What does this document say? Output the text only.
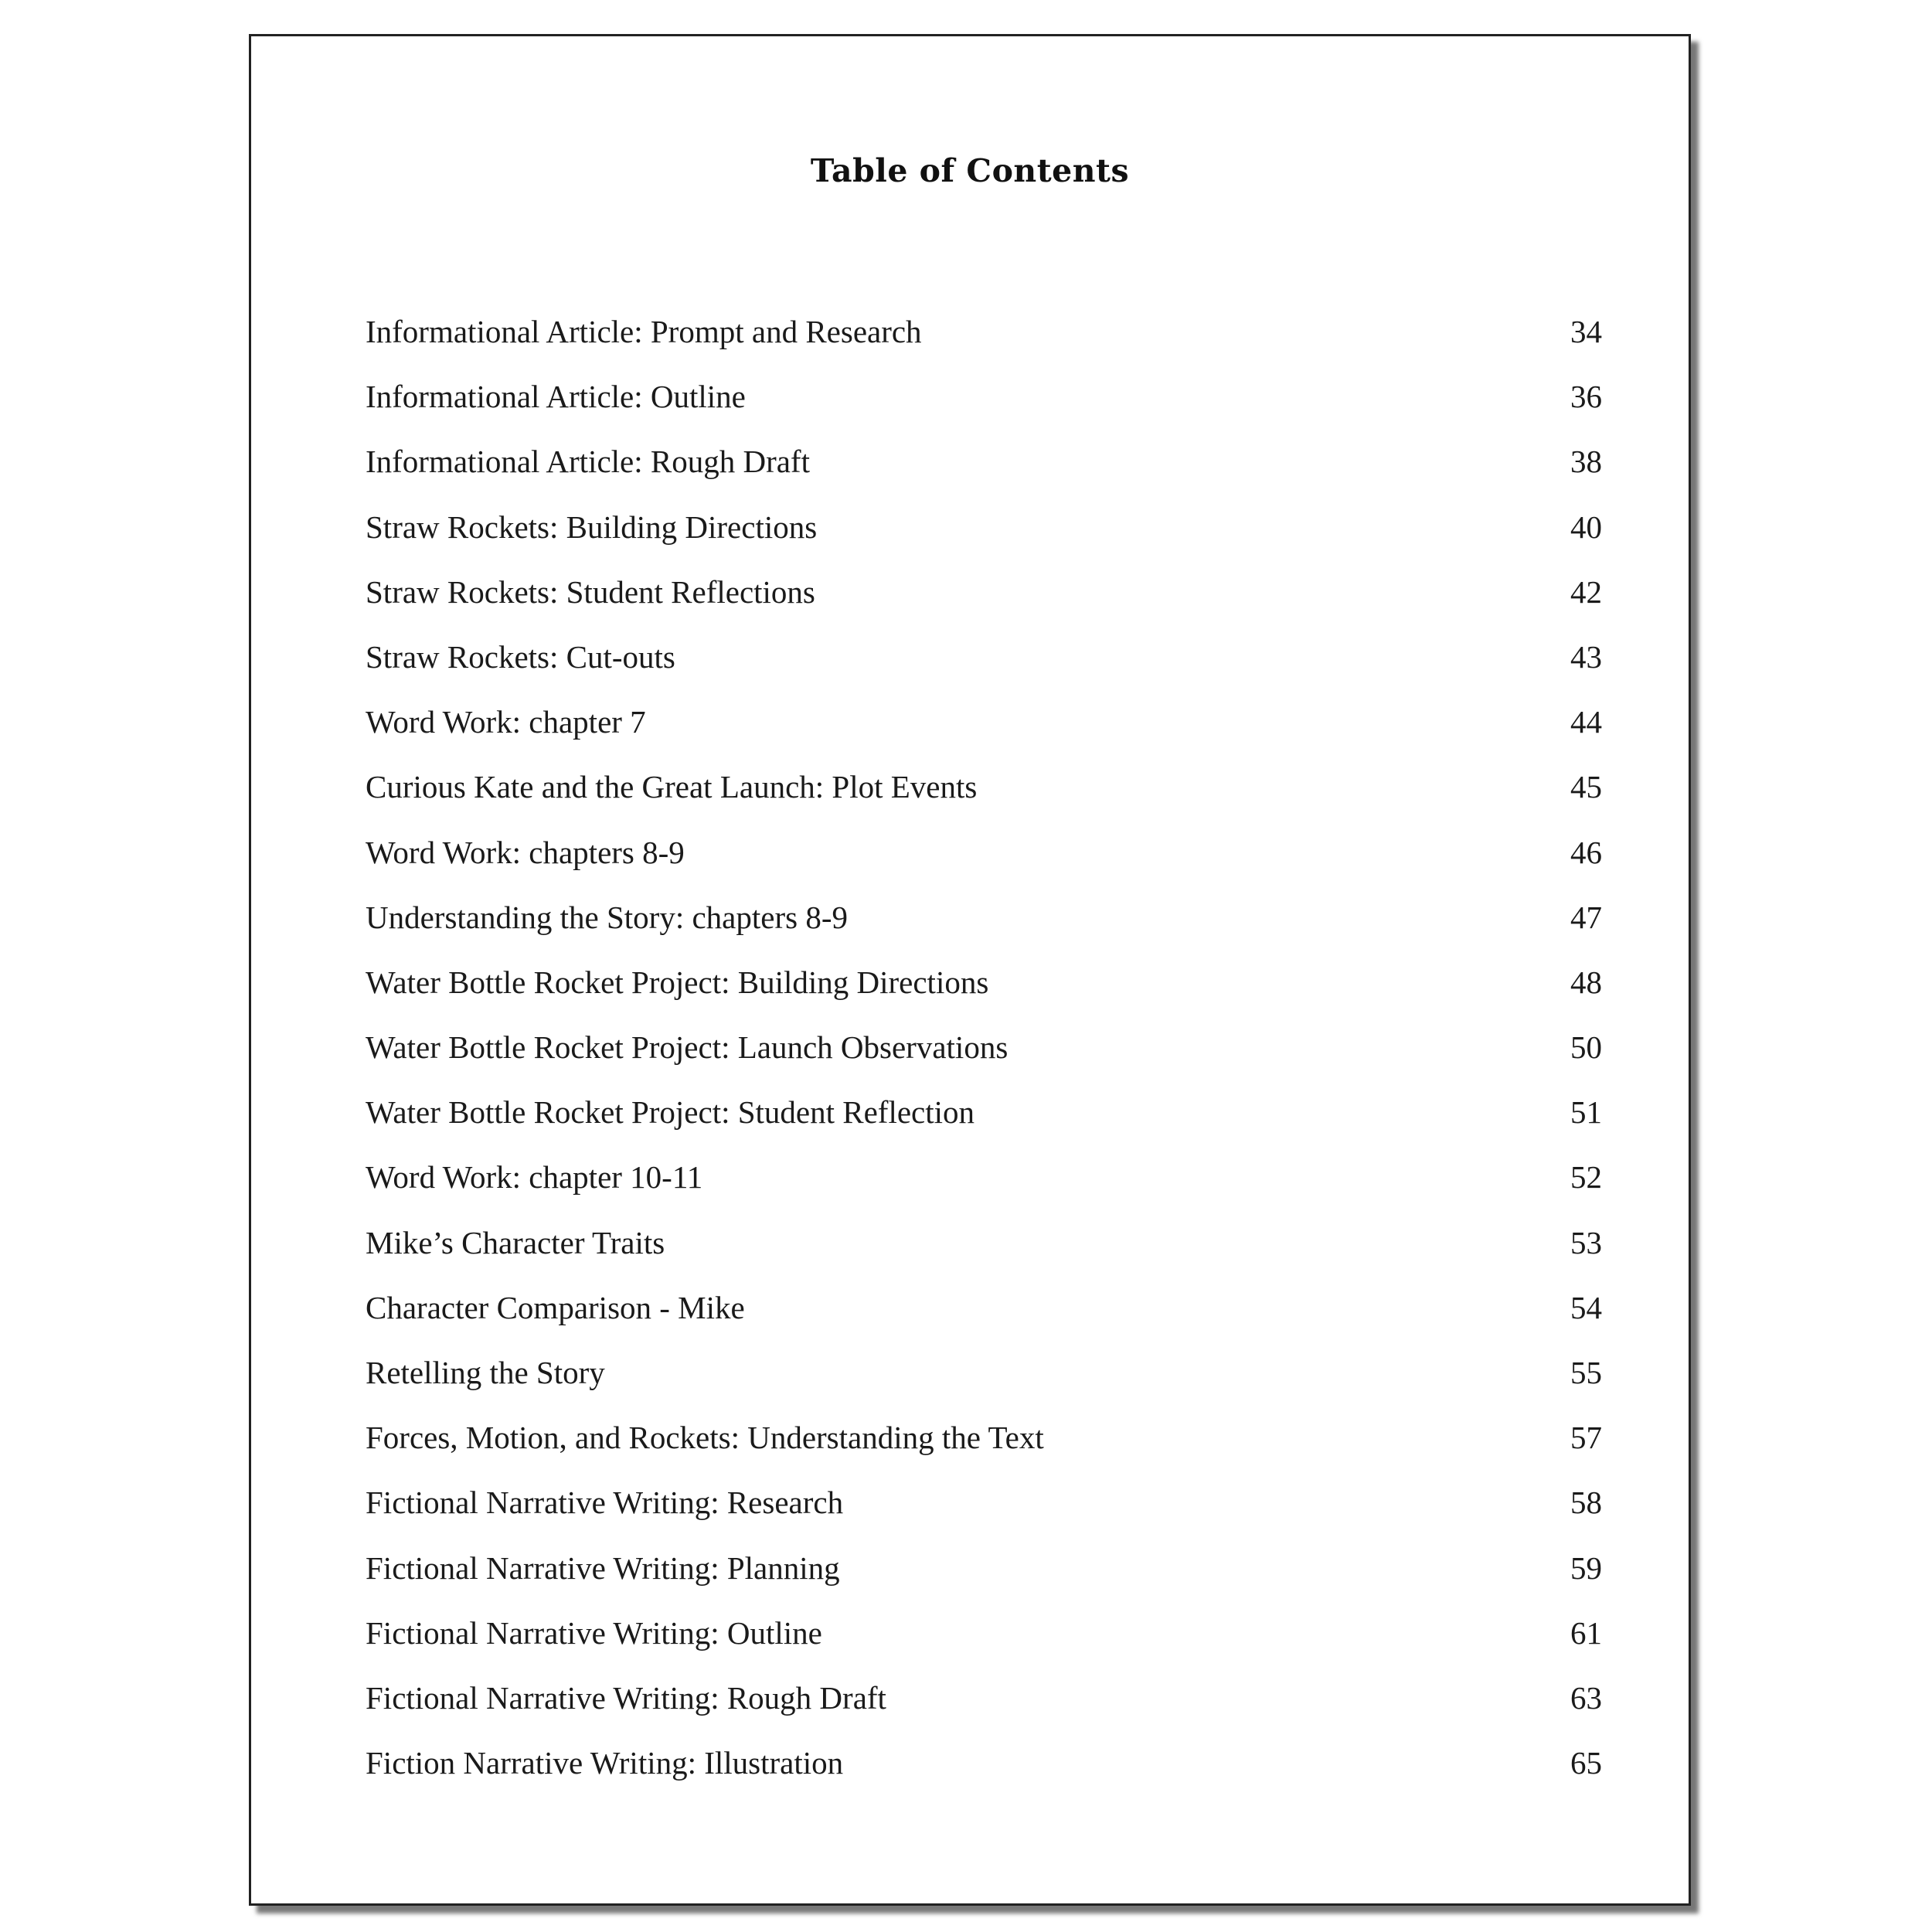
Table of Contents
Informational Article: Prompt and Research	34
Informational Article: Outline	36
Informational Article: Rough Draft	38
Straw Rockets: Building Directions	40
Straw Rockets: Student Reflections	42
Straw Rockets: Cut-outs	43
Word Work: chapter 7	44
Curious Kate and the Great Launch: Plot Events	45
Word Work: chapters 8-9	46
Understanding the Story: chapters 8-9	47
Water Bottle Rocket Project: Building Directions	48
Water Bottle Rocket Project: Launch Observations	50
Water Bottle Rocket Project: Student Reflection	51
Word Work: chapter 10-11	52
Mike’s Character Traits	53
Character Comparison - Mike	54
Retelling the Story	55
Forces, Motion, and Rockets: Understanding the Text	57
Fictional Narrative Writing: Research	58
Fictional Narrative Writing: Planning	59
Fictional Narrative Writing: Outline	61
Fictional Narrative Writing: Rough Draft	63
Fiction Narrative Writing: Illustration	65
